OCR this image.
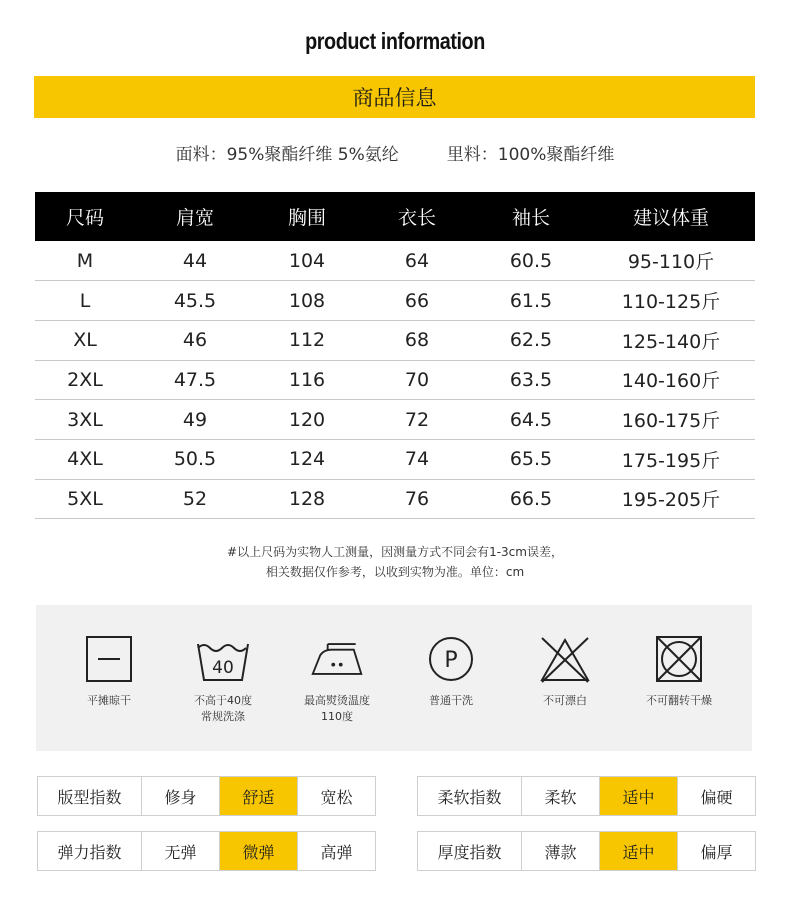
product information
商品信息
面料：95%聚酯纤维 5%氨纶	里料：100%聚酯纤维
尺码	肩宽	胸围	衣长	袖长	建议体重
M	44	104	64	60.5	95-110斤
L	45.5	108	66	61.5	110-125斤
XL	46	112	68	62.5	125-140斤
2XL	47.5	116	70	63.5	140-160斤
3XL	49	120	72	64.5	160-175斤
4XL	50.5	124	74	65.5	175-195斤
5XL	52	128	76	66.5	195-205斤
#以上尺码为实物人工测量，因测量方式不同会有1-3cm误差，
相关数据仅作参考，以收到实物为准。单位：cm
平摊晾干
40
不高于40度
常规洗涤
最高熨烫温度
110度
P
普通干洗	不可漂白	不可翻转干燥
版型指数	修身	舒适	宽松	柔软指数	柔软	适中	偏硬
弹力指数	无弹	微弹	高弹	厚度指数	薄款	适中	偏厚
